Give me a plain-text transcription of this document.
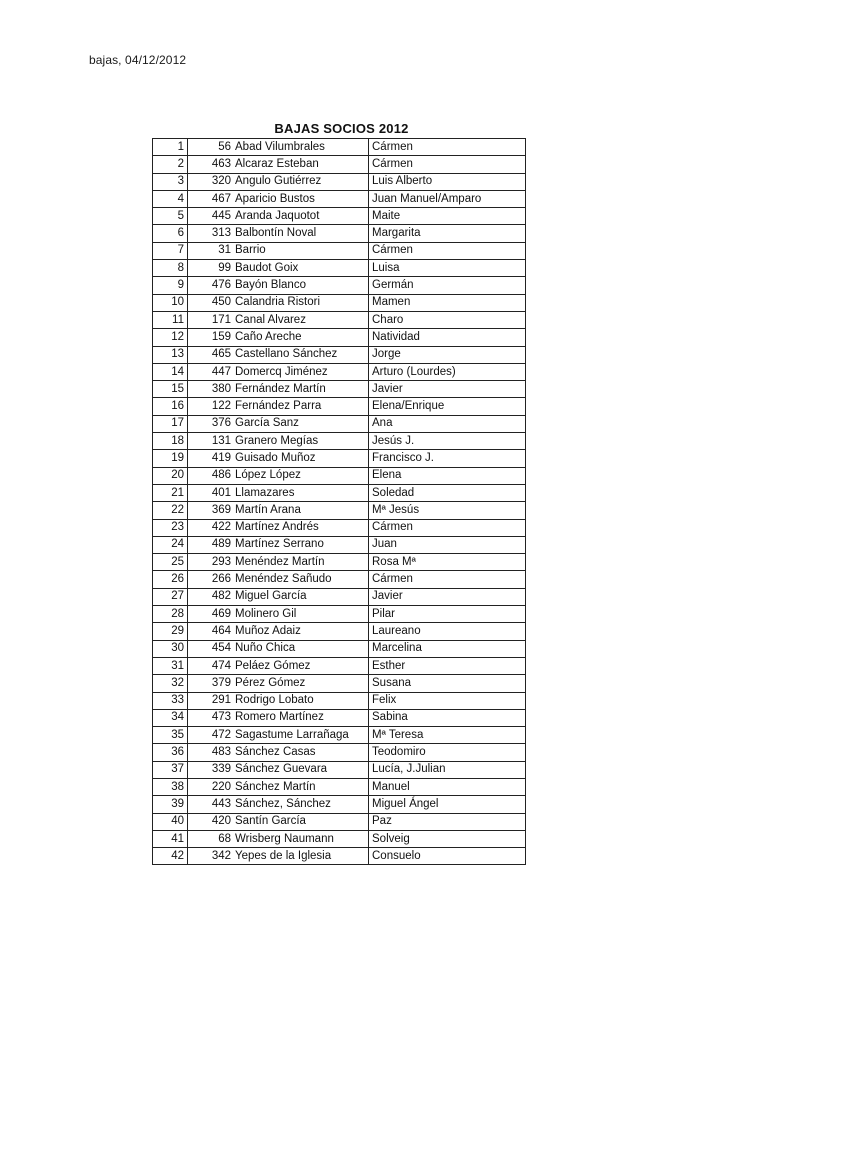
bajas, 04/12/2012
BAJAS SOCIOS 2012
1	56	Abad Vilumbrales	Cármen
2	463	Alcaraz Esteban	Cármen
3	320	Angulo Gutiérrez	Luis Alberto
4	467	Aparicio Bustos	Juan Manuel/Amparo
5	445	Aranda Jaquotot	Maite
6	313	Balbontín Noval	Margarita
7	31	Barrio	Cármen
8	99	Baudot Goix	Luisa
9	476	Bayón Blanco	Germán
10	450	Calandria Ristori	Mamen
11	171	Canal Alvarez	Charo
12	159	Caño Areche	Natividad
13	465	Castellano Sánchez	Jorge
14	447	Domercq Jiménez	Arturo (Lourdes)
15	380	Fernández Martín	Javier
16	122	Fernández Parra	Elena/Enrique
17	376	García Sanz	Ana
18	131	Granero Megías	Jesús J.
19	419	Guisado Muñoz	Francisco J.
20	486	López López	Elena
21	401	Llamazares	Soledad
22	369	Martín Arana	Mª Jesús
23	422	Martínez Andrés	Cármen
24	489	Martínez Serrano	Juan
25	293	Menéndez Martín	Rosa Mª
26	266	Menéndez Sañudo	Cármen
27	482	Miguel García	Javier
28	469	Molinero Gil	Pilar
29	464	Muñoz Adaiz	Laureano
30	454	Nuño Chica	Marcelina
31	474	Peláez Gómez	Esther
32	379	Pérez Gómez	Susana
33	291	Rodrigo Lobato	Felix
34	473	Romero Martínez	Sabina
35	472	Sagastume Larrañaga	Mª Teresa
36	483	Sánchez Casas	Teodomiro
37	339	Sánchez Guevara	Lucía, J.Julian
38	220	Sánchez Martín	Manuel
39	443	Sánchez, Sánchez	Miguel Ángel
40	420	Santín García	Paz
41	68	Wrisberg Naumann	Solveig
42	342	Yepes de la Iglesia	Consuelo
